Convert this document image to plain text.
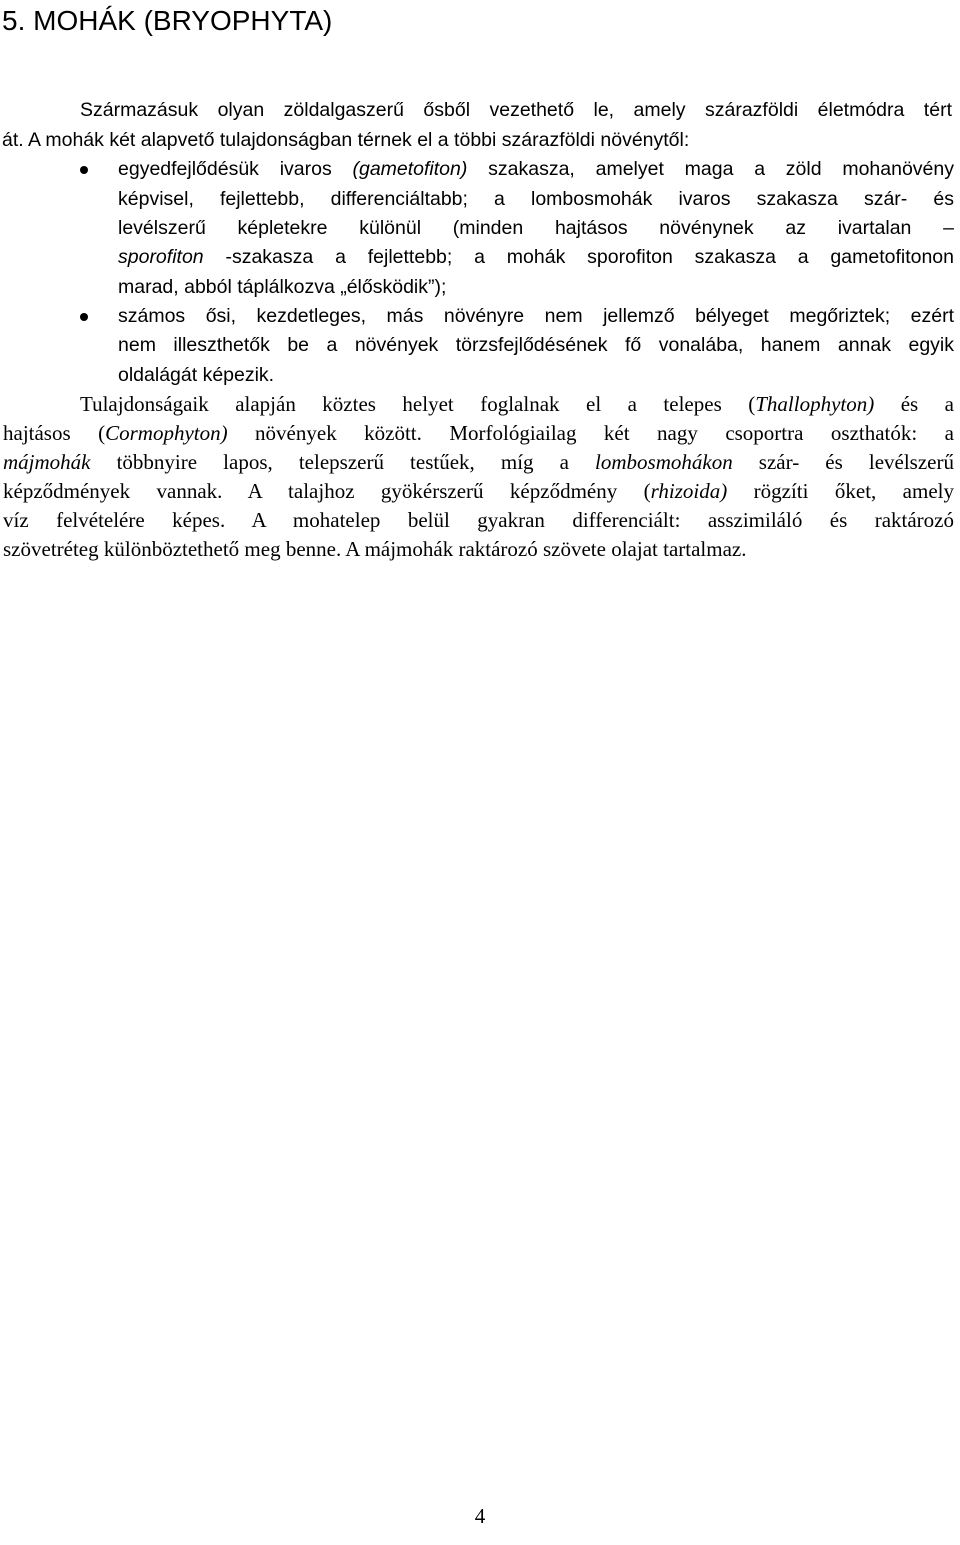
5. MOHÁK (BRYOPHYTA)
Származásuk olyan zöldalgaszerű ősből vezethető le, amely szárazföldi életmódra tért
át. A mohák két alapvető tulajdonságban térnek el a többi szárazföldi növénytől:
egyedfejlődésük ivaros (gametofiton) szakasza, amelyet maga a zöld mohanövény
képvisel, fejlettebb, differenciáltabb; a lombosmohák ivaros szakasza szár- és
levélszerű képletekre különül (minden hajtásos növénynek az ivartalan –
sporofiton -szakasza a fejlettebb; a mohák sporofiton szakasza a gametofitonon
marad, abból táplálkozva „élősködik”);
számos ősi, kezdetleges, más növényre nem jellemző bélyeget megőriztek; ezért
nem illeszthetők be a növények törzsfejlődésének fő vonalába, hanem annak egyik
oldalágát képezik.
Tulajdonságaik alapján köztes helyet foglalnak el a telepes (Thallophyton) és a
hajtásos (Cormophyton) növények között. Morfológiailag két nagy csoportra oszthatók: a
májmohák többnyire lapos, telepszerű testűek, míg a lombosmohákon szár- és levélszerű
képződmények vannak. A talajhoz gyökérszerű képződmény (rhizoida) rögzíti őket, amely
víz felvételére képes. A mohatelep belül gyakran differenciált: asszimiláló és raktározó
szövetréteg különböztethető meg benne. A májmohák raktározó szövete olajat tartalmaz.
4
